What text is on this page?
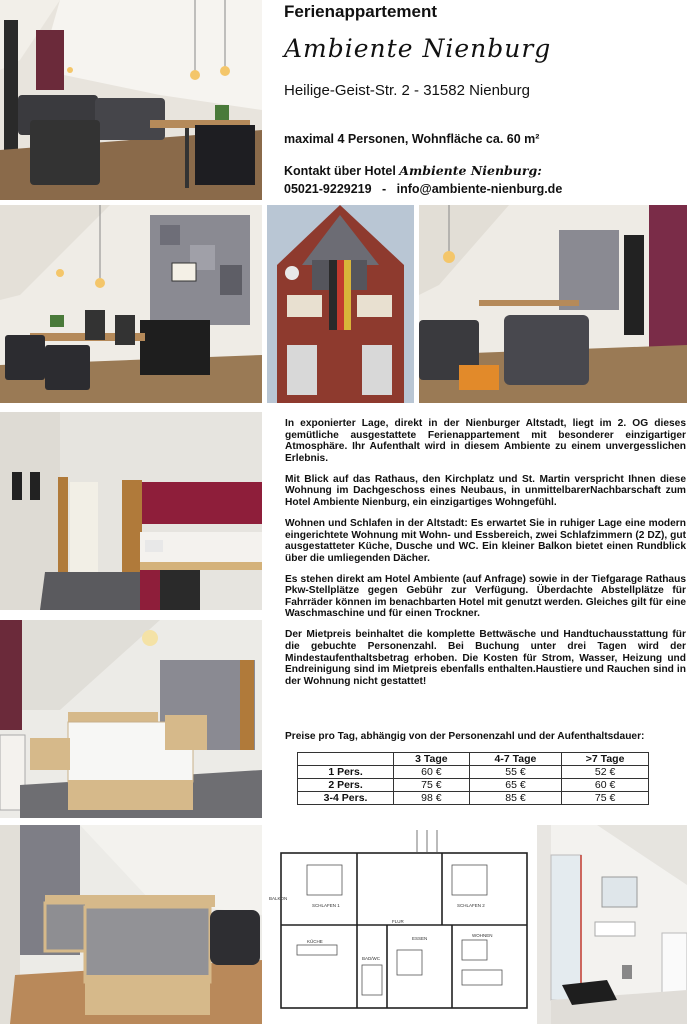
Ferienappartement
Ambiente Nienburg
Heilige-Geist-Str. 2 - 31582 Nienburg
maximal 4 Personen, Wohnfläche ca. 60 m²
Kontakt über Hotel Ambiente Nienburg:
05021-9229219 - info@ambiente-nienburg.de

In exponierter Lage, direkt in der Nienburger Altstadt, liegt im 2. OG dieses gemütliche ausgestattete Ferienappartement mit besonderer einzigartiger Atmosphäre. Ihr Aufenthalt wird in diesem Ambiente zu einem unvergesslichen Erlebnis.

Mit Blick auf das Rathaus, den Kirchplatz und St. Martin verspricht Ihnen diese Wohnung im Dachgeschoss eines Neubaus, in unmittelbarerNachbarschaft zum Hotel Ambiente Nienburg, ein einzigartiges Wohngefühl.

Wohnen und Schlafen in der Altstadt: Es erwartet Sie in ruhiger Lage eine modern eingerichtete Wohnung mit Wohn- und Essbereich, zwei Schlafzimmern (2 DZ), gut ausgestatteter Küche, Dusche und WC. Ein kleiner Balkon bietet einen Rundblick über die umliegenden Dächer.

Es stehen direkt am Hotel Ambiente (auf Anfrage) sowie in der Tiefgarage Rathaus Pkw-Stellplätze gegen Gebühr zur Verfügung. Überdachte Abstellplätze für Fahrräder können im benachbarten Hotel mit genutzt werden. Gleiches gilt für eine Waschmaschine und für einen Trockner.

Der Mietpreis beinhaltet die komplette Bettwäsche und Handtuchausstattung für die gebuchte Personenzahl. Bei Buchung unter drei Tagen wird der Mindestaufenthaltsbetrag erhoben. Die Kosten für Strom, Wasser, Heizung und Endreinigung sind im Mietpreis ebenfalls enthalten.Haustiere und Rauchen sind in der Wohnung nicht gestattet!

Preise pro Tag, abhängig von der Personenzahl und der Aufenthaltsdauer:
	3 Tage	4-7 Tage	>7 Tage
1 Pers.	60 €	55 €	52 €
2 Pers.	75 €	65 €	60 €
3-4 Pers.	98 €	85 €	75 €
BALKON
SCHLAFEN 1	SCHLAFEN 2
FLUR
ESSEN
WOHNEN
KÜCHE
BAD/WC
